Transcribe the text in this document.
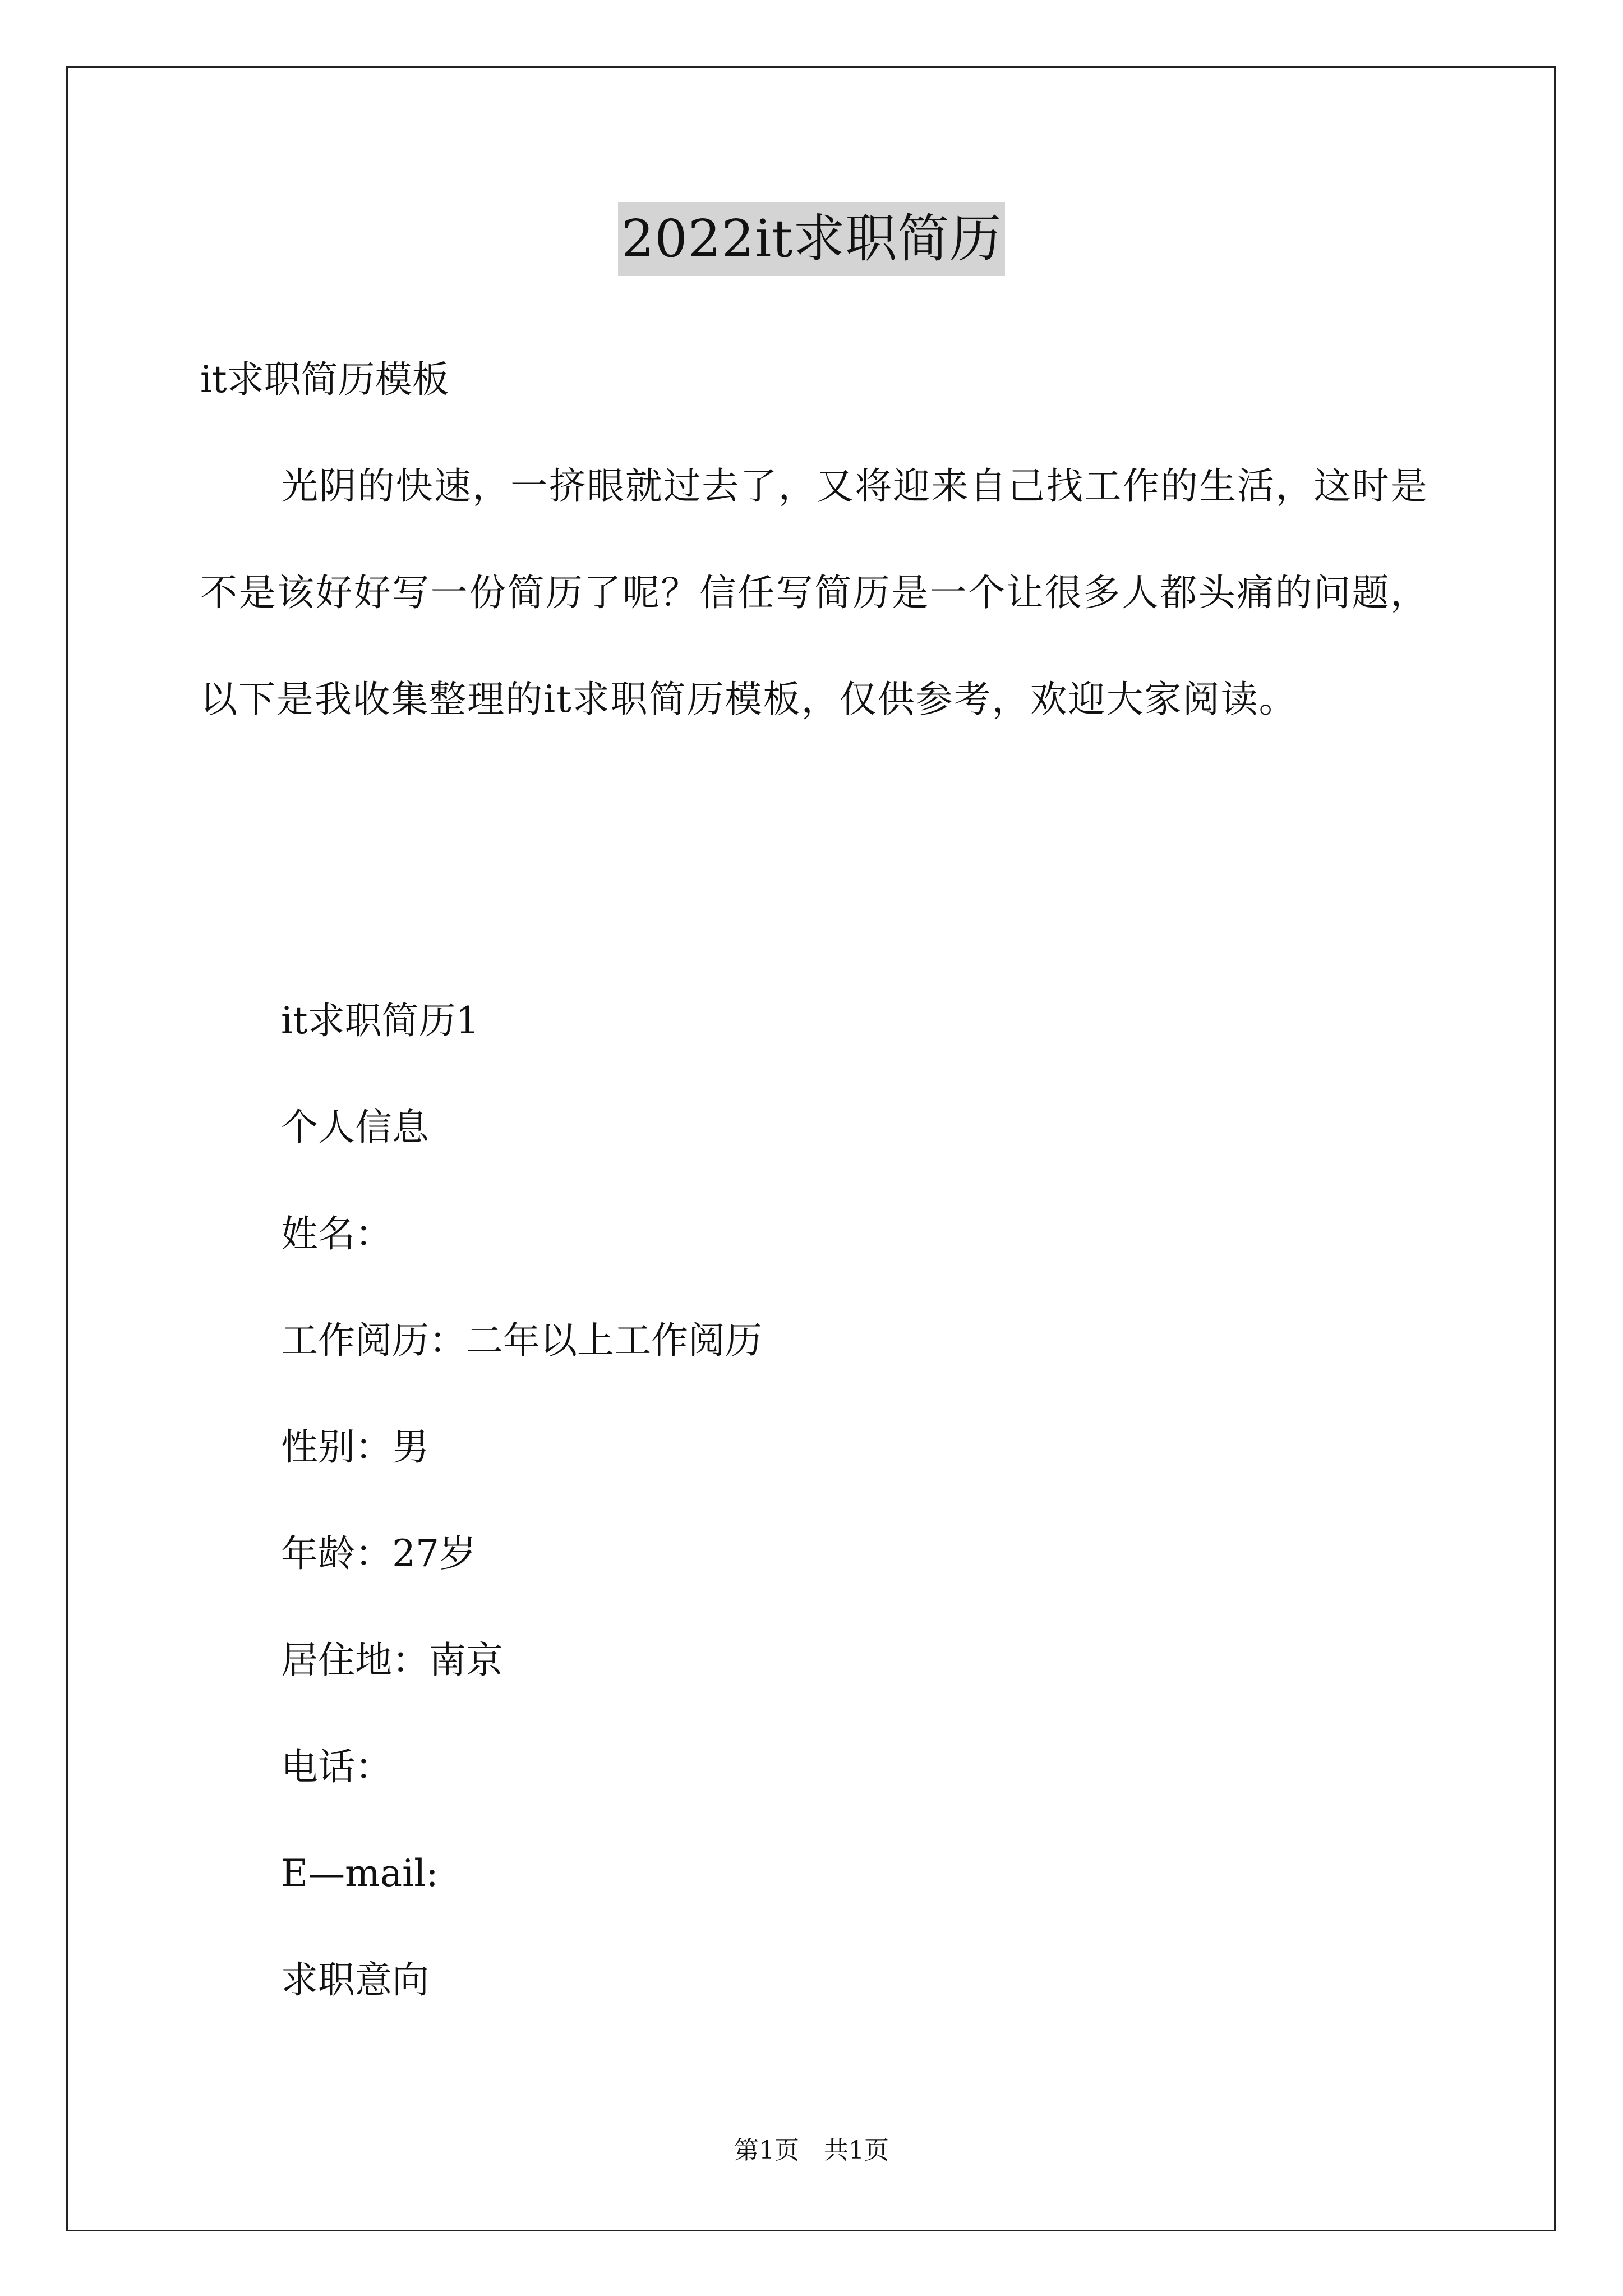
2022it求职简历
it求职简历模板
光阴的快速，一挤眼就过去了，又将迎来自己找工作的生活，这时是不是该好好写一份简历了呢？信任写简历是一个让很多人都头痛的问题，以下是我收集整理的it求职简历模板，仅供参考，欢迎大家阅读。
it求职简历1
个人信息
姓名：
工作阅历：二年以上工作阅历
性别：男
年龄：27岁
居住地：南京
电话：
E—mail:
求职意向
第1页　共1页
